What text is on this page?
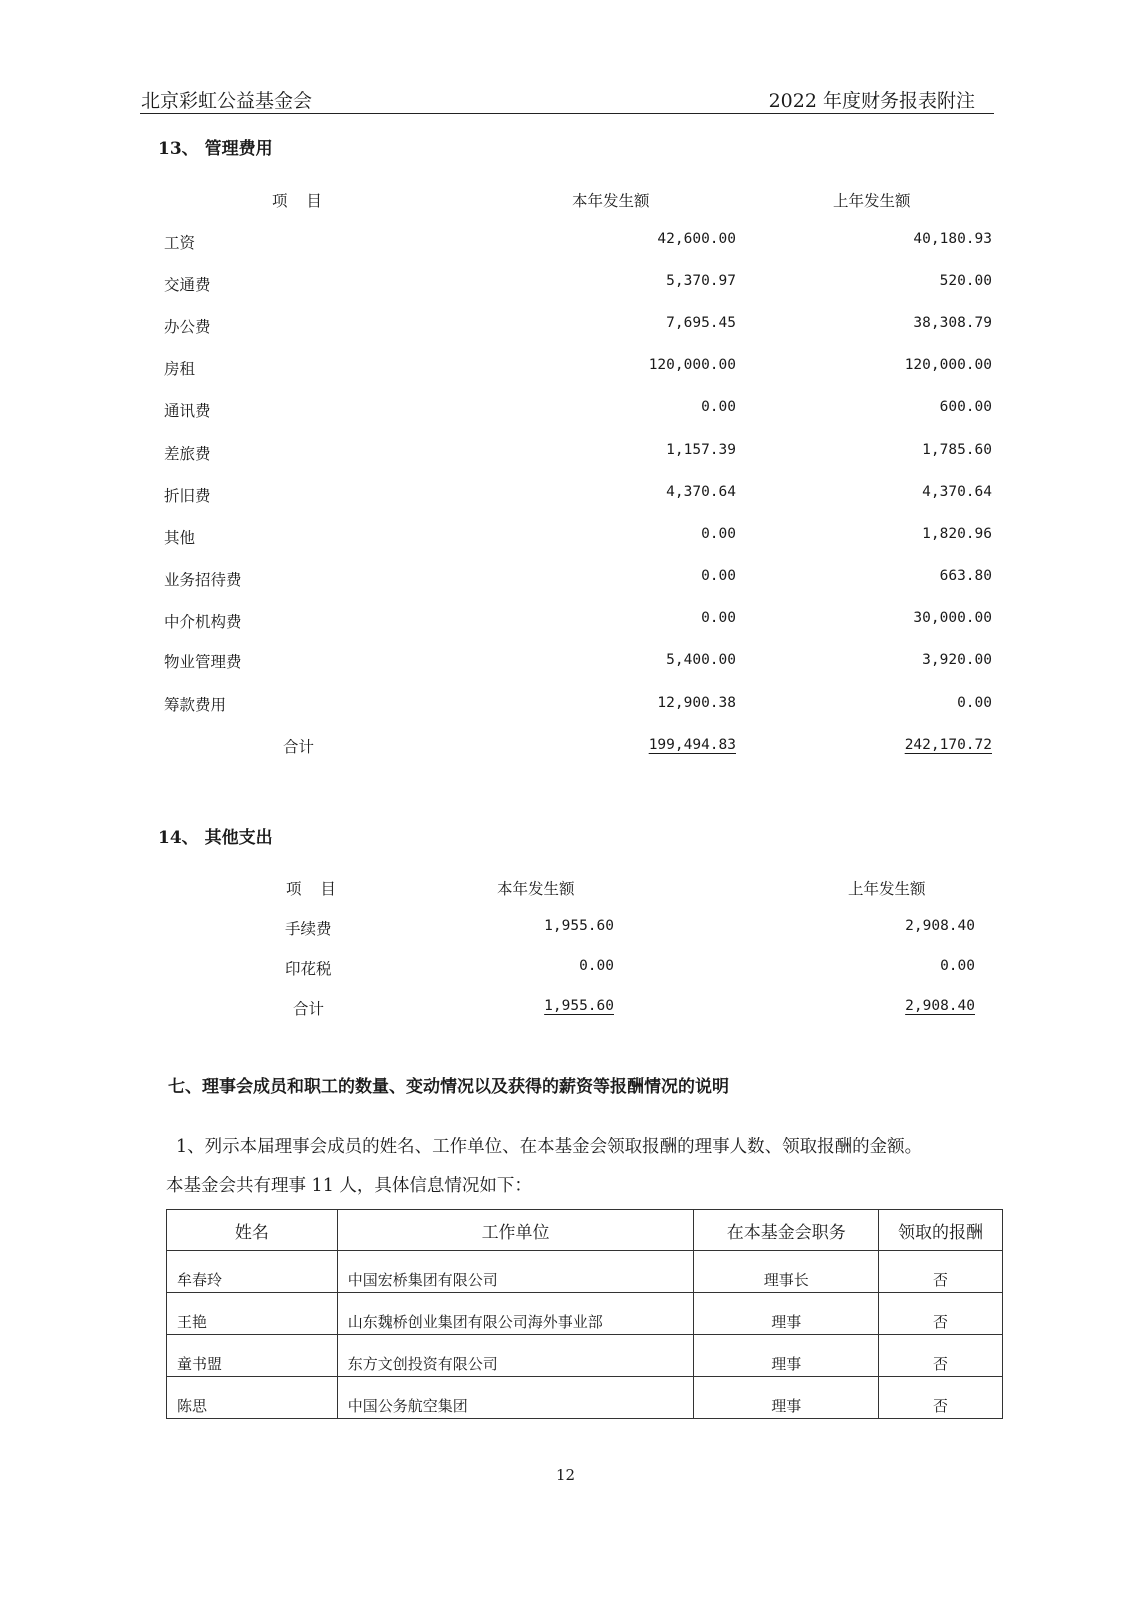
北京彩虹公益基金会	2022 年度财务报表附注
13、 管理费用
项 目	本年发生额	上年发生额
工资	42,600.00	40,180.93
交通费	5,370.97	520.00
办公费	7,695.45	38,308.79
房租	120,000.00	120,000.00
通讯费	0.00	600.00
差旅费	1,157.39	1,785.60
折旧费	4,370.64	4,370.64
其他	0.00	1,820.96
业务招待费	0.00	663.80
中介机构费	0.00	30,000.00
物业管理费	5,400.00	3,920.00
筹款费用	12,900.38	0.00
合计	199,494.83	242,170.72
14、 其他支出
项 目	本年发生额	上年发生额
手续费	1,955.60	2,908.40
印花税	0.00	0.00
合计	1,955.60	2,908.40
七、理事会成员和职工的数量、变动情况以及获得的薪资等报酬情况的说明
1、列示本届理事会成员的姓名、工作单位、在本基金会领取报酬的理事人数、领取报酬的金额。
本基金会共有理事 11 人，具体信息情况如下：
姓名	工作单位	在本基金会职务	领取的报酬
牟春玲	中国宏桥集团有限公司	理事长	否
王艳	山东魏桥创业集团有限公司海外事业部	理事	否
童书盟	东方文创投资有限公司	理事	否
陈思	中国公务航空集团	理事	否
12
